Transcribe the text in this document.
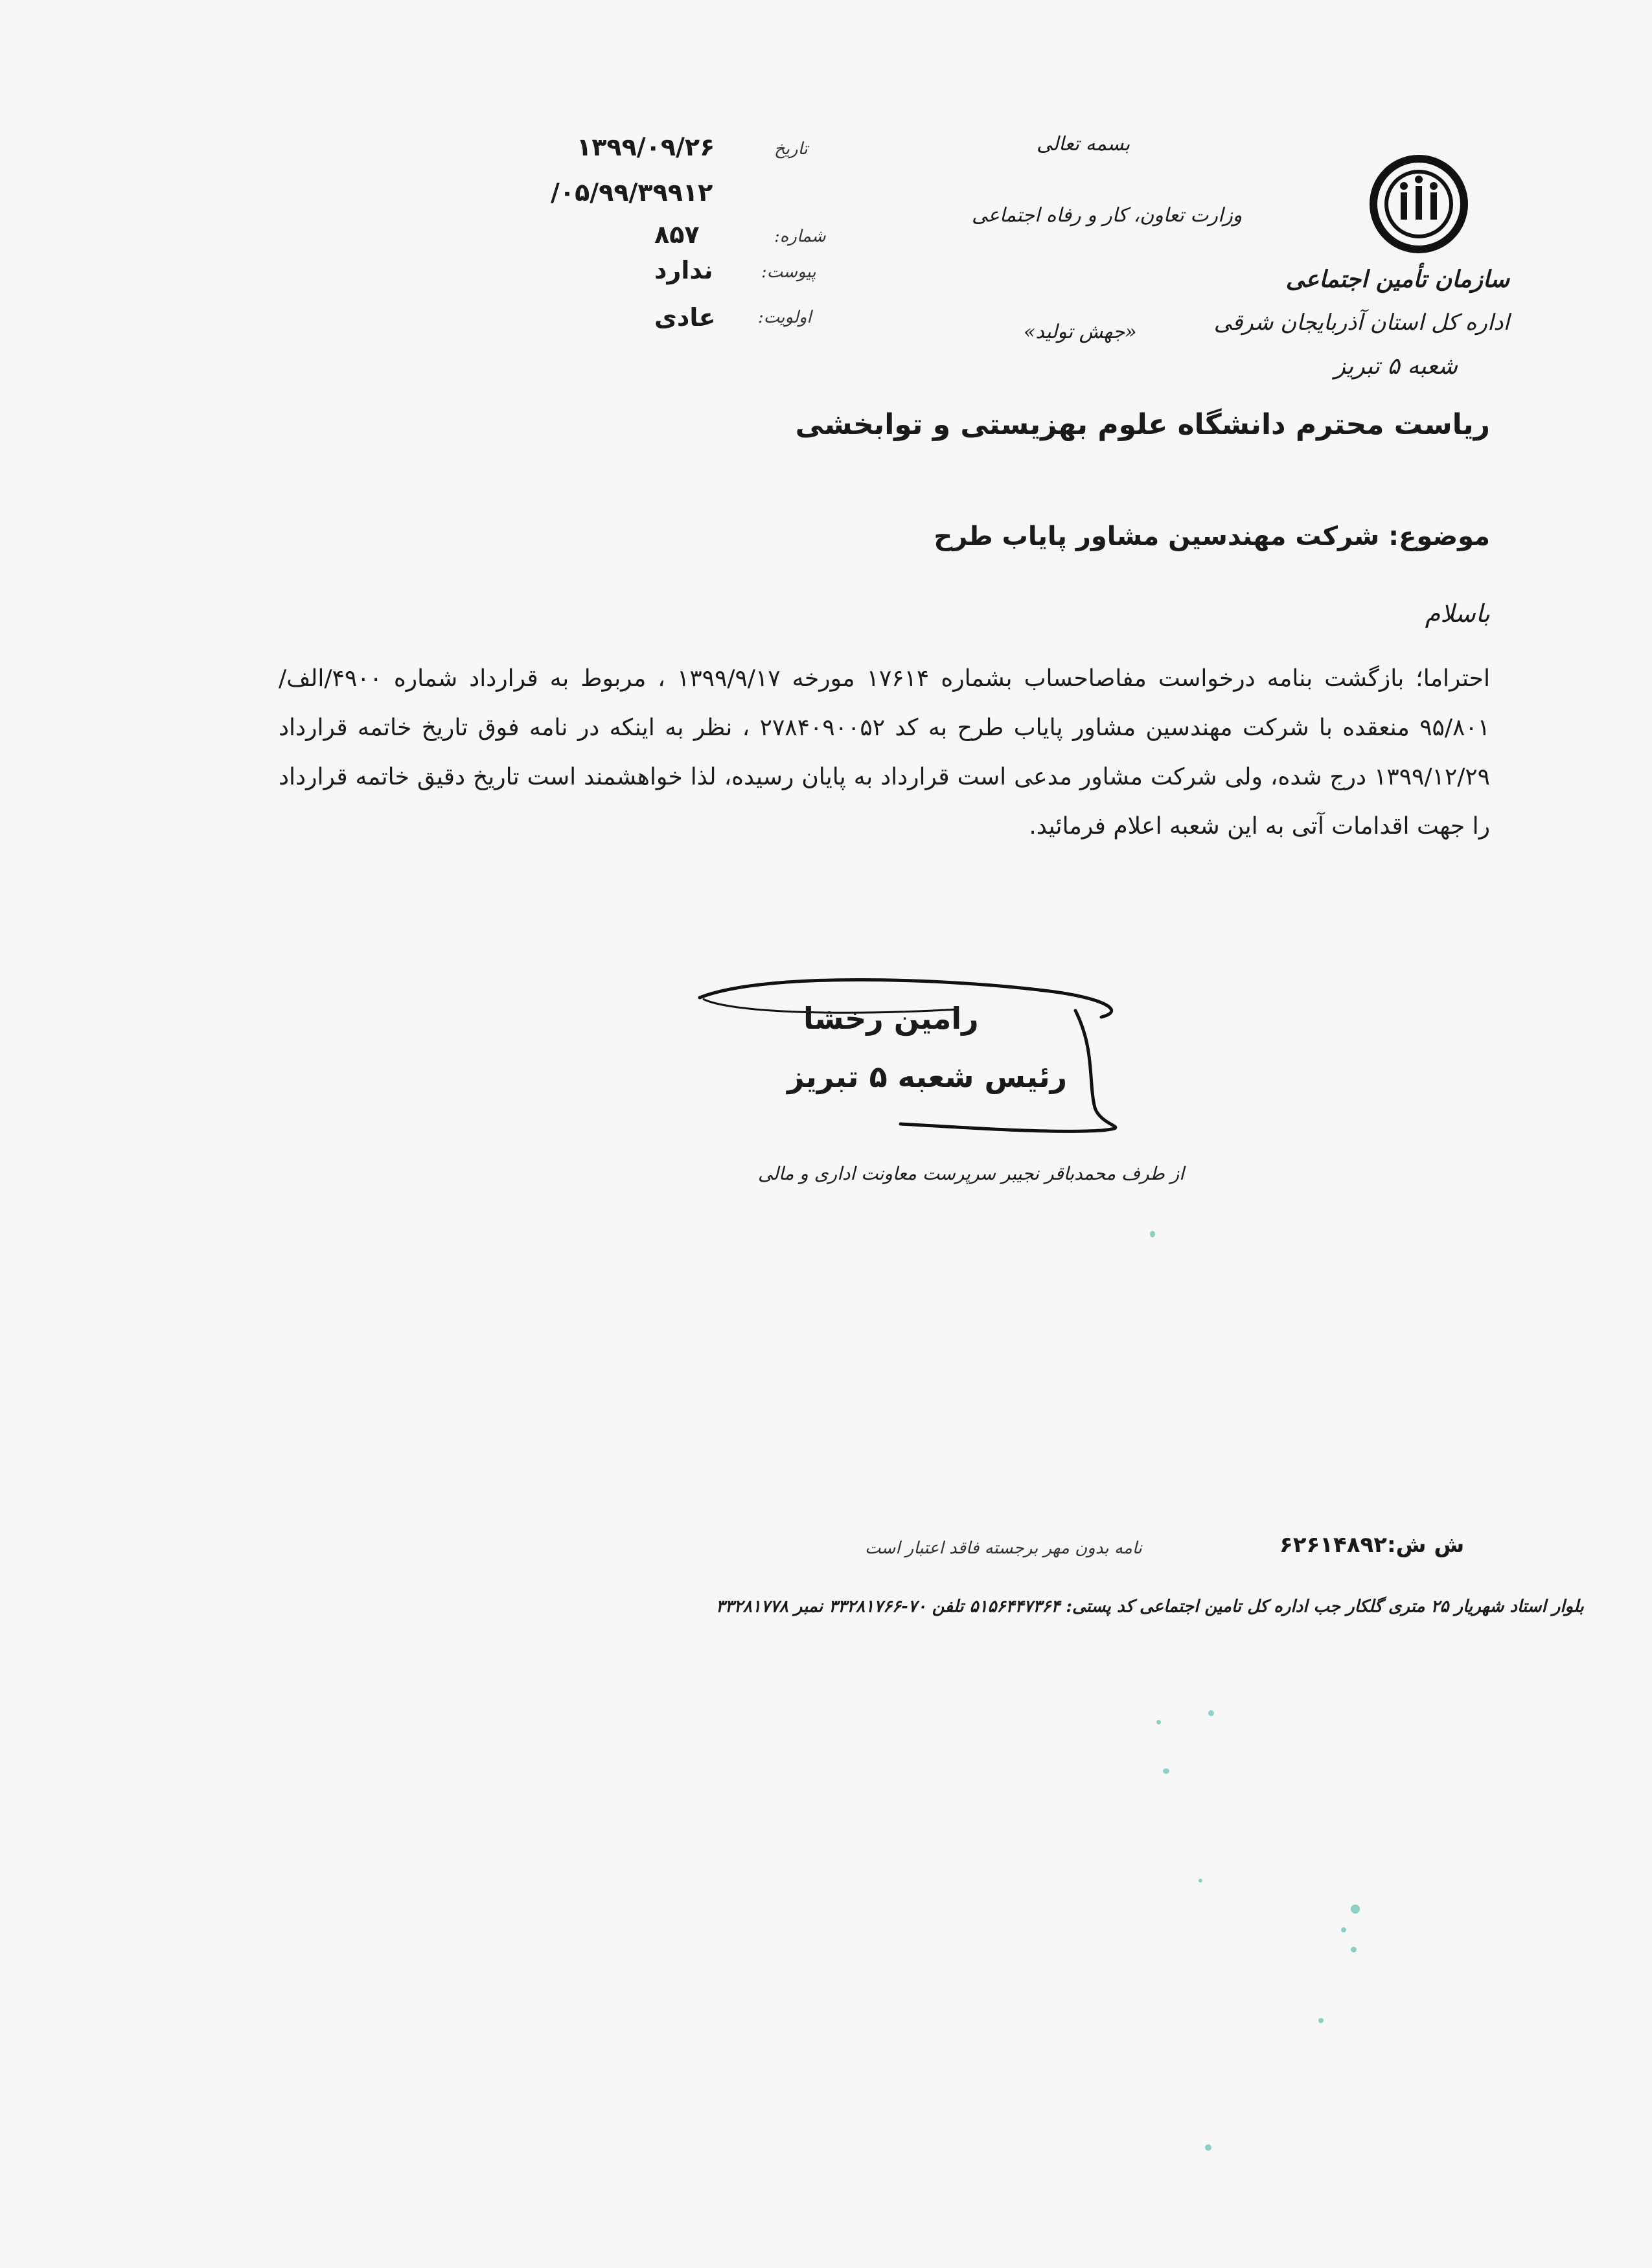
سازمان تأمین اجتماعی
اداره کل استان آذربایجان شرقی
شعبه ۵ تبریز
بسمه تعالی
وزارت تعاون، کار و رفاه اجتماعی
«جهش تولید»
تاریخ
۱۳۹۹/۰۹/۲۶
/۰۵/۹۹/۳۹۹۱۲
شماره:
۸۵۷
پیوست:
ندارد
اولویت:
عادی
ریاست محترم دانشگاه علوم بهزیستی و توابخشی
موضوع: شرکت مهندسین مشاور پایاب طرح
باسلام
احتراما؛ بازگشت بنامه درخواست مفاصاحساب بشماره ۱۷۶۱۴ مورخه ۱۳۹۹/۹/۱۷ ، مربوط به قرارداد شماره ۴۹۰۰/الف/۹۵/۸۰۱ منعقده با شرکت مهندسین مشاور پایاب طرح به کد ۲۷۸۴۰۹۰۰۵۲ ، نظر به اینکه در نامه فوق تاریخ خاتمه قرارداد ۱۳۹۹/۱۲/۲۹ درج شده، ولی شرکت مشاور مدعی است قرارداد به پایان رسیده، لذا خواهشمند است تاریخ دقیق خاتمه قرارداد را جهت اقدامات آتی به این شعبه اعلام فرمائید.
رامین رخشا
رئیس شعبه ۵ تبریز
از طرف محمدباقر نجیبر سرپرست معاونت اداری و مالی
ش ش:۶۲۶۱۴۸۹۲
نامه بدون مهر برجسته فاقد اعتبار است
بلوار استاد شهریار ۲۵ متری گلکار جب اداره کل تامین اجتماعی کد پستی: ۵۱۵۶۴۴۷۳۶۴ تلفن ۷۰-۳۳۲۸۱۷۶۶ نمبر ۳۳۲۸۱۷۷۸
